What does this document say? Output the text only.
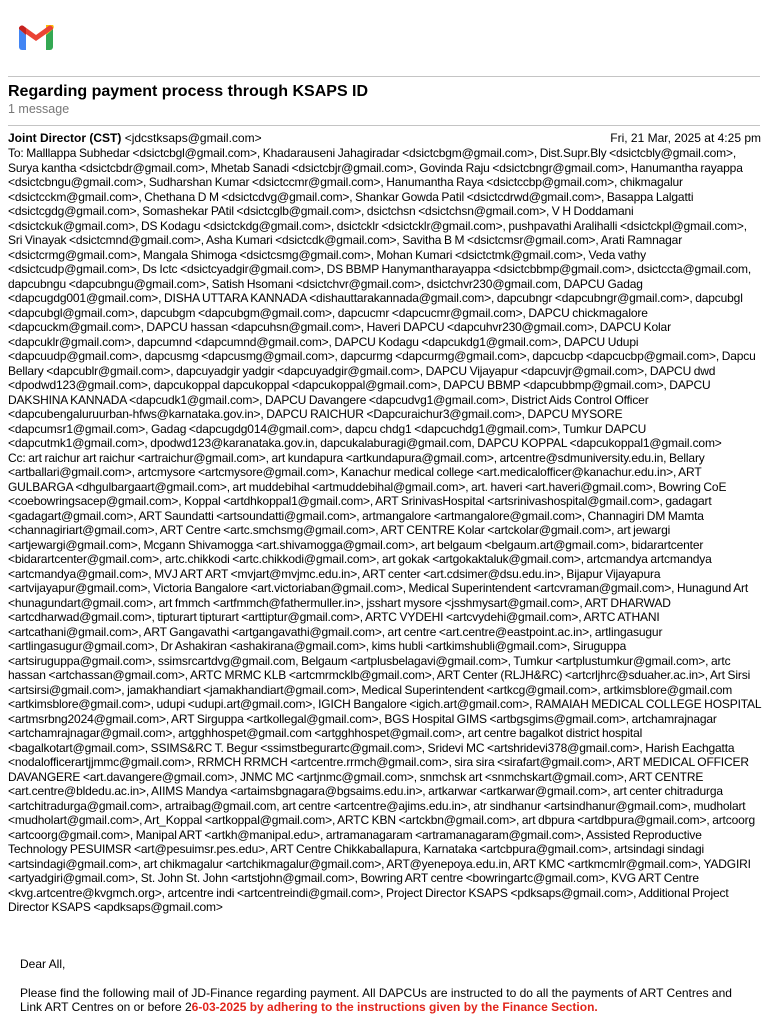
Regarding payment process through KSAPS ID
1 message
Joint Director (CST) <jdcstksaps@gmail.com>	Fri, 21 Mar, 2025 at 4:25 pm

To: Malllappa Subhedar <dsictcbgl@gmail.com>, Khadarauseni Jahagiradar <dsictcbgm@gmail.com>, Dist.Supr.Bly <dsictcbly@gmail.com>, Surya kantha <dsictcbdr@gmail.com>, Mhetab Sanadi <dsictcbjr@gmail.com>, Govinda Raju <dsictcbngr@gmail.com>, Hanumantha rayappa <dsictcbngu@gmail.com>, Sudharshan Kumar <dsictccmr@gmail.com>, Hanumantha Raya <dsictccbp@gmail.com>, chikmagalur <dsictcckm@gmail.com>, Chethana D M <dsictcdvg@gmail.com>, Shankar Gowda Patil <dsictcdrwd@gmail.com>, Basappa Lalgatti <dsictcgdg@gmail.com>, Somashekar PAtil <dsictcglb@gmail.com>, dsictchsn <dsictchsn@gmail.com>, V H Doddamani <dsictckuk@gmail.com>, DS Kodagu <dsictckdg@gmail.com>, dsictcklr <dsictcklr@gmail.com>, pushpavathi Aralihalli <dsictckpl@gmail.com>, Sri Vinayak <dsictcmnd@gmail.com>, Asha Kumari <dsictcdk@gmail.com>, Savitha B M <dsictcmsr@gmail.com>, Arati Ramnagar <dsictcrmg@gmail.com>, Mangala Shimoga <dsictcsmg@gmail.com>, Mohan Kumari <dsictctmk@gmail.com>, Veda vathy <dsictcudp@gmail.com>, Ds Ictc <dsictcyadgir@gmail.com>, DS BBMP Hanymantharayappa <dsictcbbmp@gmail.com>, dsictccta@gmail.com, dapcubngu <dapcubngu@gmail.com>, Satish Hsomani <dsictchvr@gmail.com>, dsictchvr230@gmail.com, DAPCU Gadag <dapcugdg001@gmail.com>, DISHA UTTARA KANNADA <dishauttarakannada@gmail.com>, dapcubngr <dapcubngr@gmail.com>, dapcubgl <dapcubgl@gmail.com>, dapcubgm <dapcubgm@gmail.com>, dapcucmr <dapcucmr@gmail.com>, DAPCU chickmagalore <dapcuckm@gmail.com>, DAPCU hassan <dapcuhsn@gmail.com>, Haveri DAPCU <dapcuhvr230@gmail.com>, DAPCU Kolar <dapcuklr@gmail.com>, dapcumnd <dapcumnd@gmail.com>, DAPCU Kodagu <dapcukdg1@gmail.com>, DAPCU Udupi <dapcuudp@gmail.com>, dapcusmg <dapcusmg@gmail.com>, dapcurmg <dapcurmg@gmail.com>, dapcucbp <dapcucbp@gmail.com>, Dapcu Bellary <dapcublr@gmail.com>, dapcuyadgir yadgir <dapcuyadgir@gmail.com>, DAPCU Vijayapur <dapcuvjr@gmail.com>, DAPCU dwd <dpodwd123@gmail.com>, dapcukoppal dapcukoppal <dapcukoppal@gmail.com>, DAPCU BBMP <dapcubbmp@gmail.com>, DAPCU DAKSHINA KANNADA <dapcudk1@gmail.com>, DAPCU Davangere <dapcudvg1@gmail.com>, District Aids Control Officer <dapcubengaluruurban-hfws@karnataka.gov.in>, DAPCU RAICHUR <Dapcuraichur3@gmail.com>, DAPCU MYSORE <dapcumsr1@gmail.com>, Gadag <dapcugdg014@gmail.com>, dapcu chdg1 <dapcuchdg1@gmail.com>, Tumkur DAPCU <dapcutmk1@gmail.com>, dpodwd123@karanataka.gov.in, dapcukalaburagi@gmail.com, DAPCU KOPPAL <dapcukoppal1@gmail.com>

Cc: art raichur art raichur <artraichur@gmail.com>, art kundapura <artkundapura@gmail.com>, artcentre@sdmuniversity.edu.in, Bellary <artballari@gmail.com>, artcmysore <artcmysore@gmail.com>, Kanachur medical college <art.medicalofficer@kanachur.edu.in>, ART GULBARGA <dhgulbargaart@gmail.com>, art muddebihal <artmuddebihal@gmail.com>, art. haveri <art.haveri@gmail.com>, Bowring CoE <coebowringsacep@gmail.com>, Koppal <artdhkoppal1@gmail.com>, ART SrinivasHospital <artsrinivashospital@gmail.com>, gadagart <gadagart@gmail.com>, ART Saundatti <artsoundatti@gmail.com>, artmangalore <artmangalore@gmail.com>, Channagiri DM Mamta <channagiriart@gmail.com>, ART Centre <artc.smchsmg@gmail.com>, ART CENTRE Kolar <artckolar@gmail.com>, art jewargi <artjewargi@gmail.com>, Mcgann Shivamogga <art.shivamogga@gmail.com>, art belgaum <belgaum.art@gmail.com>, bidarartcenter <bidarartcenter@gmail.com>, artc.chikkodi <artc.chikkodi@gmail.com>, art gokak <artgokaktaluk@gmail.com>, artcmandya artcmandya <artcmandya@gmail.com>, MVJ ART ART <mvjart@mvjmc.edu.in>, ART center <art.cdsimer@dsu.edu.in>, Bijapur Vijayapura <artvijayapur@gmail.com>, Victoria Bangalore <art.victoriaban@gmail.com>, Medical Superintendent <artcvraman@gmail.com>, Hunagund Art <hunagundart@gmail.com>, art fmmch <artfmmch@fathermuller.in>, jsshart mysore <jsshmysart@gmail.com>, ART DHARWAD <artcdharwad@gmail.com>, tipturart tipturart <arttiptur@gmail.com>, ARTC VYDEHI <artcvydehi@gmail.com>, ARTC ATHANI <artcathani@gmail.com>, ART Gangavathi <artgangavathi@gmail.com>, art centre <art.centre@eastpoint.ac.in>, artlingasugur <artlingasugur@gmail.com>, Dr Ashakiran <ashakirana@gmail.com>, kims hubli <artkimshubli@gmail.com>, Siruguppa <artsiruguppa@gmail.com>, ssimsrcartdvg@gmail.com, Belgaum <artplusbelagavi@gmail.com>, Tumkur <artplustumkur@gmail.com>, artc hassan <artchassan@gmail.com>, ARTC MRMC KLB <artcmrmcklb@gmail.com>, ART Center (RLJH&RC) <artcrljhrc@sduaher.ac.in>, Art Sirsi <artsirsi@gmail.com>, jamakhandiart <jamakhandiart@gmail.com>, Medical Superintendent <artkcg@gmail.com>, artkimsblore@gmail.com <artkimsblore@gmail.com>, udupi <udupi.art@gmail.com>, IGICH Bangalore <igich.art@gmail.com>, RAMAIAH MEDICAL COLLEGE HOSPITAL <artmsrbng2024@gmail.com>, ART Sirguppa <artkollegal@gmail.com>, BGS Hospital GIMS <artbgsgims@gmail.com>, artchamrajnagar <artchamrajnagar@gmail.com>, artgghhospet@gmail.com <artgghhospet@gmail.com>, art centre bagalkot district hospital <bagalkotart@gmail.com>, SSIMS&RC T. Begur <ssimstbegurartc@gmail.com>, Sridevi MC <artshridevi378@gmail.com>, Harish Eachgatta <nodalofficerartjjmmc@gmail.com>, RRMCH RRMCH <artcentre.rrmch@gmail.com>, sira sira <sirafart@gmail.com>, ART MEDICAL OFFICER DAVANGERE <art.davangere@gmail.com>, JNMC MC <artjnmc@gmail.com>, snmchsk art <snmchskart@gmail.com>, ART CENTRE <art.centre@bldedu.ac.in>, AIIMS Mandya <artaimsbgnagara@bgsaims.edu.in>, artkarwar <artkarwar@gmail.com>, art center chitradurga <artchitradurga@gmail.com>, artraibag@gmail.com, art centre <artcentre@ajims.edu.in>, atr sindhanur <artsindhanur@gmail.com>, mudholart <mudholart@gmail.com>, Art_Koppal <artkoppal@gmail.com>, ARTC KBN <artckbn@gmail.com>, art dbpura <artdbpura@gmail.com>, artcoorg <artcoorg@gmail.com>, Manipal ART <artkh@manipal.edu>, artramanagaram <artramanagaram@gmail.com>, Assisted Reproductive Technology PESUIMSR <art@pesuimsr.pes.edu>, ART Centre Chikkaballapura, Karnataka <artcbpura@gmail.com>, artsindagi sindagi <artsindagi@gmail.com>, art chikmagalur <artchikmagalur@gmail.com>, ART@yenepoya.edu.in, ART KMC <artkmcmlr@gmail.com>, YADGIRI <artyadgiri@gmail.com>, St. John St. John <artstjohn@gmail.com>, Bowring ART centre <bowringartc@gmail.com>, KVG ART Centre <kvg.artcentre@kvgmch.org>, artcentre indi <artcentreindi@gmail.com>, Project Director KSAPS <pdksaps@gmail.com>, Additional Project Director KSAPS <apdksaps@gmail.com>

Dear All,

Please find the following mail of JD-Finance regarding payment. All DAPCUs are instructed to do all the payments of ART Centres and Link ART Centres on or before 26-03-2025 by adhering to the instructions given by the Finance Section.
